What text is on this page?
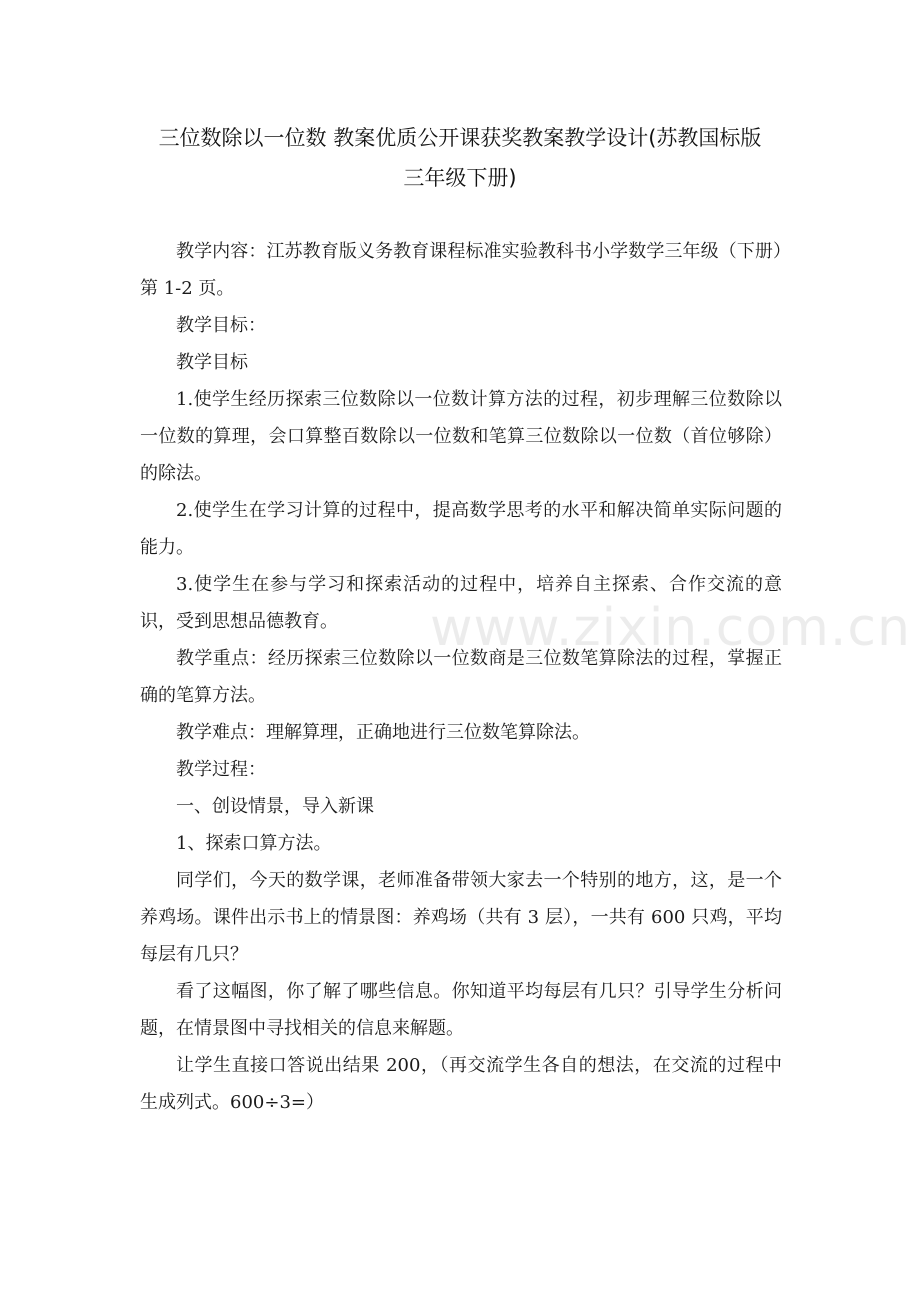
三位数除以一位数 教案优质公开课获奖教案教学设计(苏教国标版
三年级下册)

教学内容：江苏教育版义务教育课程标准实验教科书小学数学三年级（下册）第 1-2 页。

教学目标：

教学目标

1.使学生经历探索三位数除以一位数计算方法的过程，初步理解三位数除以一位数的算理，会口算整百数除以一位数和笔算三位数除以一位数（首位够除）的除法。

2.使学生在学习计算的过程中，提高数学思考的水平和解决简单实际问题的能力。

3.使学生在参与学习和探索活动的过程中，培养自主探索、合作交流的意识，受到思想品德教育。

教学重点：经历探索三位数除以一位数商是三位数笔算除法的过程，掌握正确的笔算方法。

教学难点：理解算理，正确地进行三位数笔算除法。

教学过程：

一、创设情景，导入新课

1、探索口算方法。

同学们，今天的数学课，老师准备带领大家去一个特别的地方，这，是一个养鸡场。课件出示书上的情景图：养鸡场（共有 3 层），一共有 600 只鸡，平均每层有几只？

看了这幅图，你了解了哪些信息。你知道平均每层有几只？引导学生分析问题，在情景图中寻找相关的信息来解题。

让学生直接口答说出结果 200，（再交流学生各自的想法，在交流的过程中生成列式。600÷3=）

www.zixin.com.cn
